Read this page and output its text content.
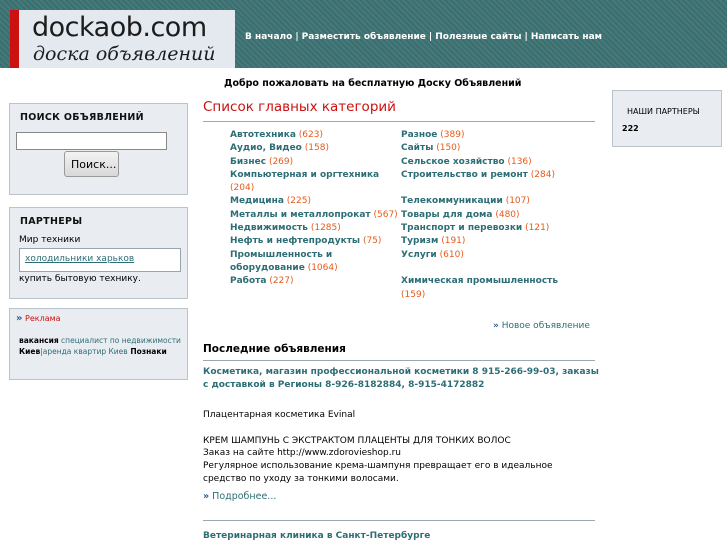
dockaob.com
доска объявлений
В начало | Разместить объявление | Полезные сайты | Написать нам
Добро пожаловать на бесплатную Доску Объявлений
ПОИСК ОБЪЯВЛЕНИЙ
Поиск...
ПАРТНЕРЫ
Мир техники
холодильники харьков
купить бытовую технику.
» Реклама
вакансия специалист по недвижимости Киев|аренда квартир Киев Познаки
НАШИ ПАРТНЕРЫ
222
Список главных категорий
Автотехника (623)
Аудио, Видео (158)
Бизнес (269)
Компьютерная и оргтехника
(204)
Медицина (225)
Металлы и металлопрокат (567)
Недвижимость (1285)
Нефть и нефтепродукты (75)
Промышленность и оборудование (1064)
Работа (227)
Разное (389)
Сайты (150)
Сельское хозяйство (136)
Строительство и ремонт (284)
Телекоммуникации (107)
Товары для дома (480)
Транспорт и перевозки (121)
Туризм (191)
Услуги (610)
Химическая промышленность
(159)
» Новое объявление
Последние объявления
Косметика, магазин профессиональной косметики 8 915-266-99-03, заказы с доставкой в Регионы 8-926-8182884, 8-915-4172882

Плацентарная косметика Evinal

КРЕМ ШАМПУНЬ С ЭКСТРАКТОМ ПЛАЦЕНТЫ ДЛЯ ТОНКИХ ВОЛОС

Заказ на сайте http://www.zdorovieshop.ru

Регулярное использование крема-шампуня превращает его в идеальное средство по уходу за тонкими волосами.

» Подробнее...
Ветеринарная клиника в Санкт-Петербурге
